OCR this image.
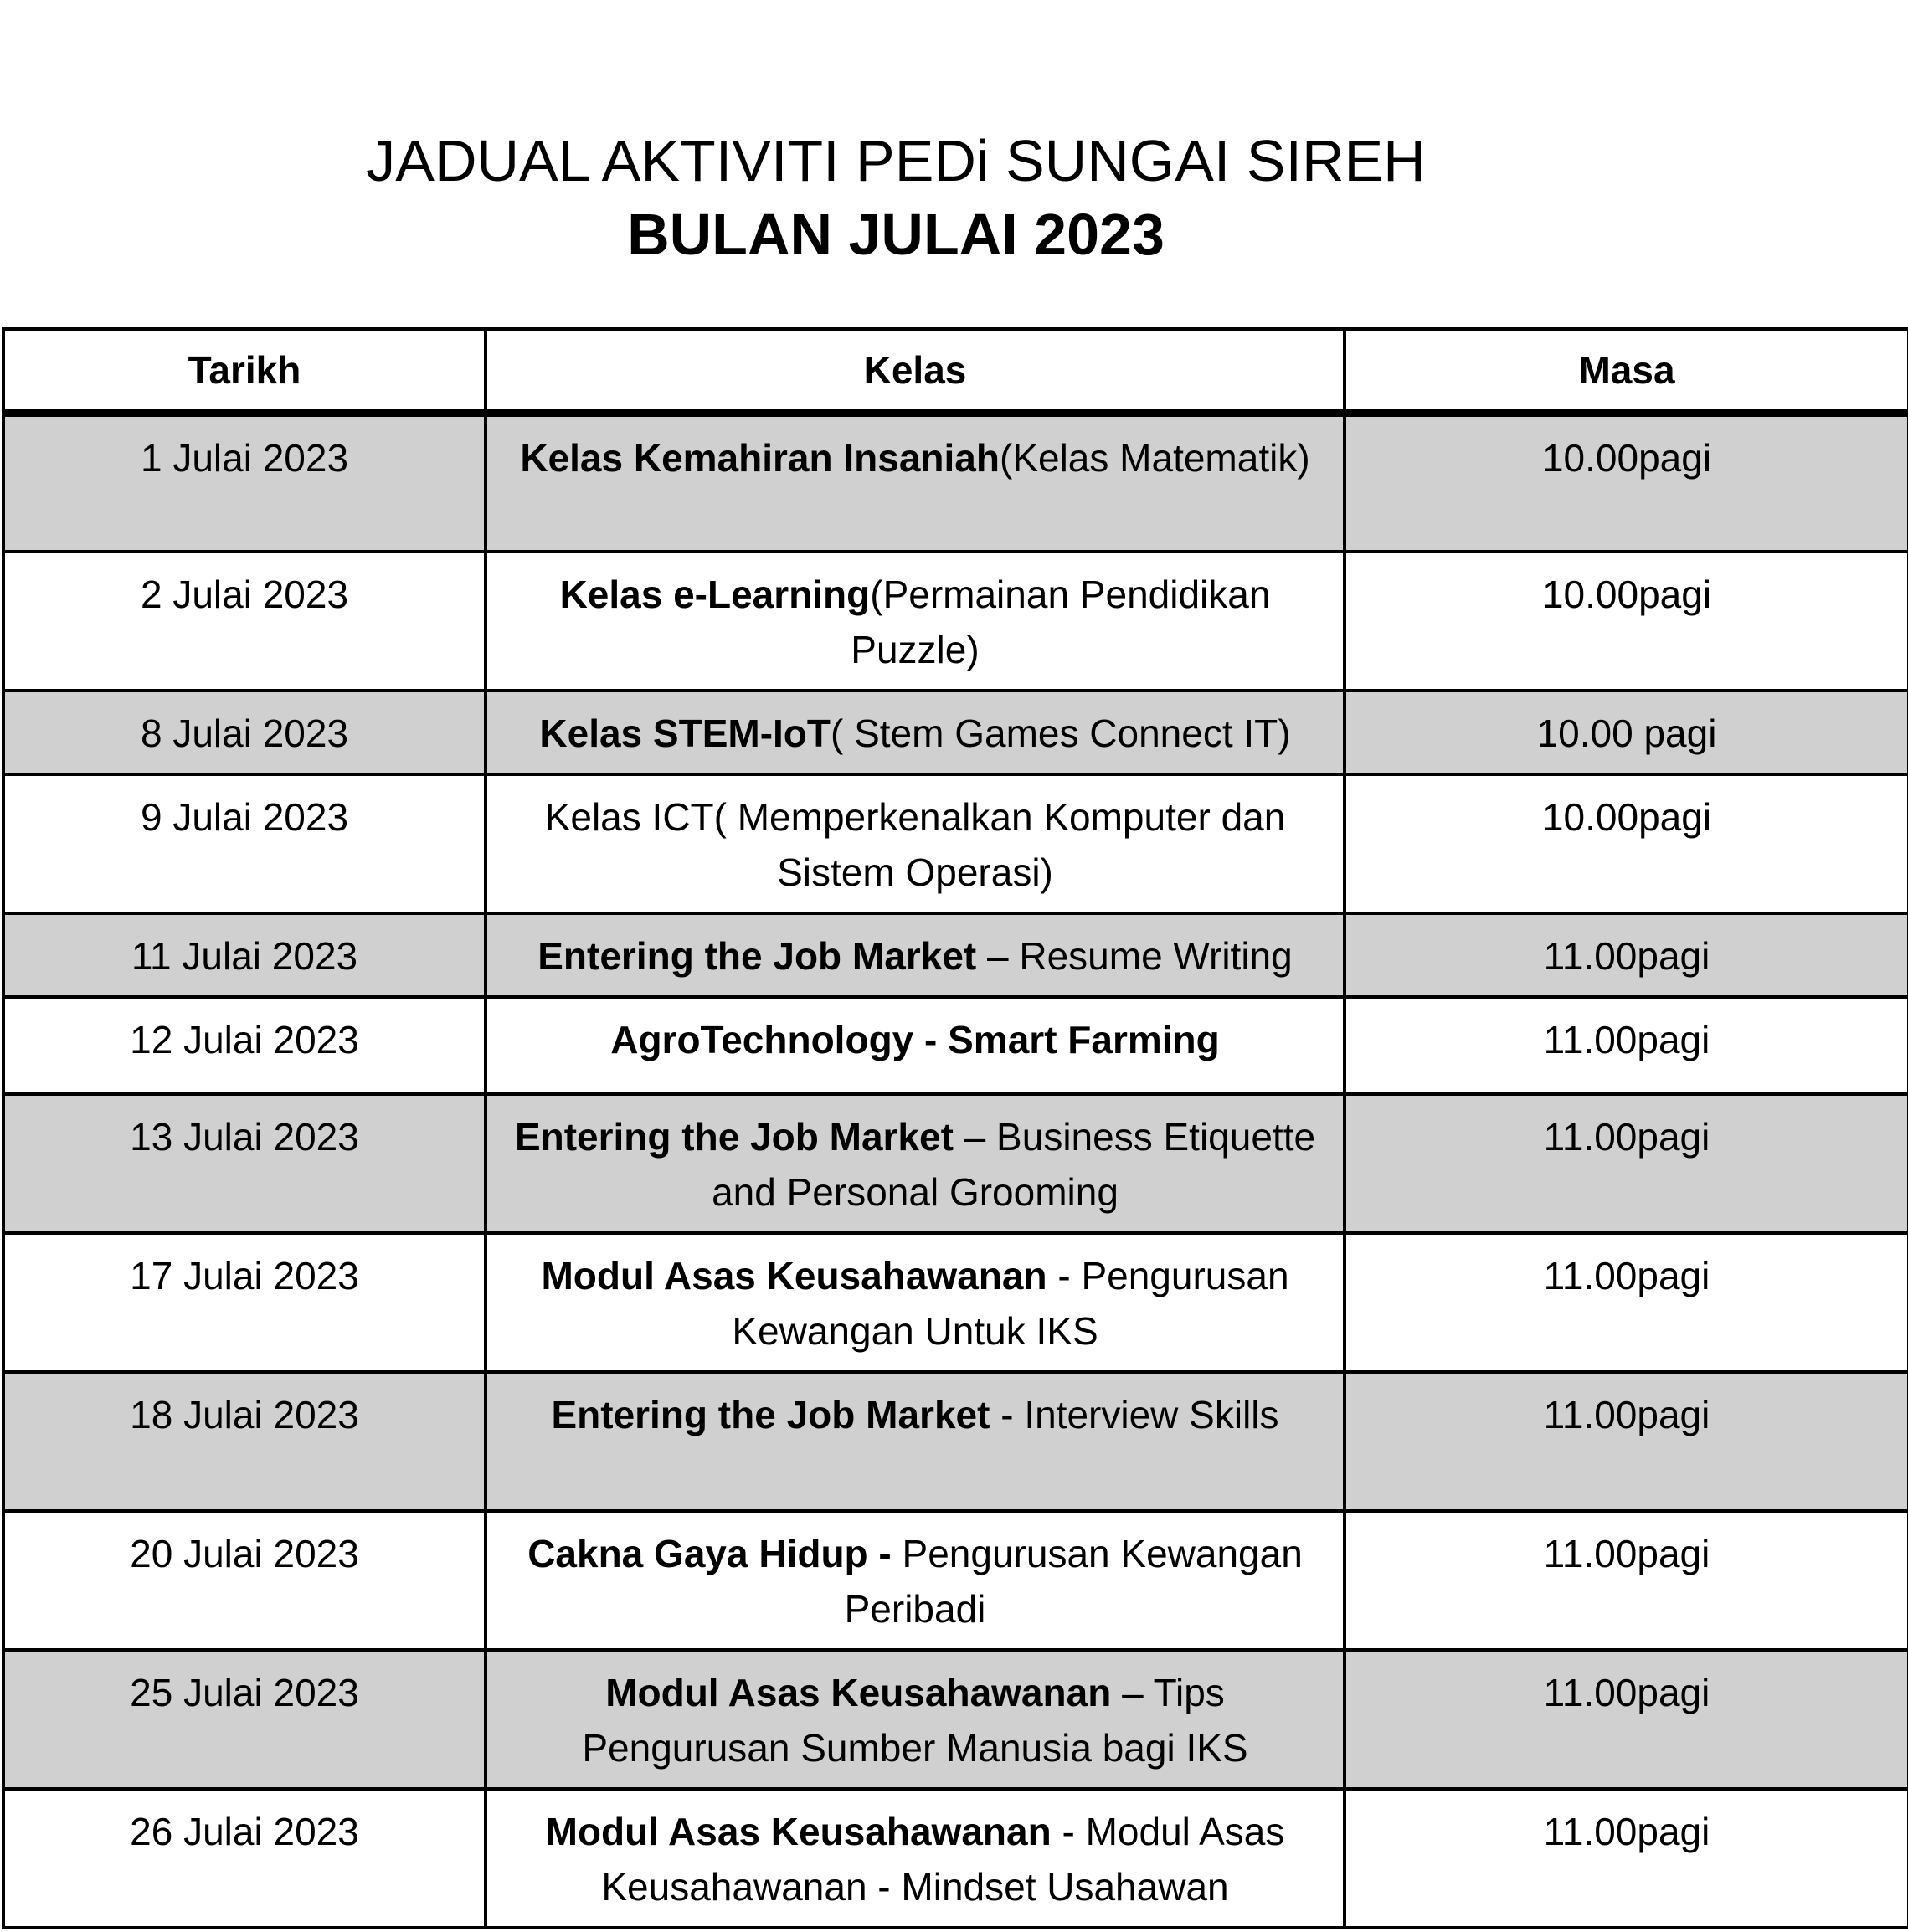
JADUAL AKTIVITI PEDi SUNGAI SIREH
BULAN JULAI 2023
Tarikh	Kelas	Masa
1 Julai 2023	Kelas Kemahiran Insaniah(Kelas Matematik)	10.00pagi
2 Julai 2023	Kelas e-Learning(Permainan Pendidikan Puzzle)	10.00pagi
8 Julai 2023	Kelas STEM-IoT( Stem Games Connect IT)	10.00 pagi
9 Julai 2023	Kelas ICT( Memperkenalkan Komputer dan Sistem Operasi)	10.00pagi
11 Julai 2023	Entering the Job Market – Resume Writing	11.00pagi
12 Julai 2023	AgroTechnology - Smart Farming	11.00pagi
13 Julai 2023	Entering the Job Market – Business Etiquette and Personal Grooming	11.00pagi
17 Julai 2023	Modul Asas Keusahawanan - Pengurusan Kewangan Untuk IKS	11.00pagi
18 Julai 2023	Entering the Job Market - Interview Skills	11.00pagi
20 Julai 2023	Cakna Gaya Hidup - Pengurusan Kewangan Peribadi	11.00pagi
25 Julai 2023	Modul Asas Keusahawanan – Tips Pengurusan Sumber Manusia bagi IKS	11.00pagi
26 Julai 2023	Modul Asas Keusahawanan - Modul Asas Keusahawanan - Mindset Usahawan	11.00pagi
